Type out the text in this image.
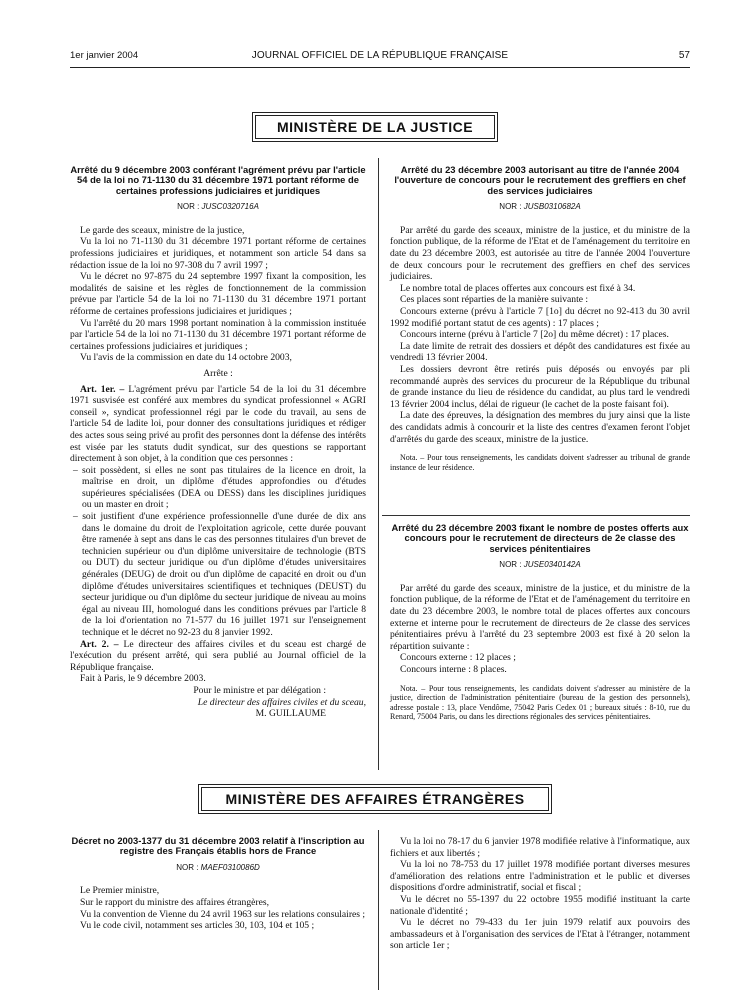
1er janvier 2004	JOURNAL OFFICIEL DE LA RÉPUBLIQUE FRANÇAISE	57
MINISTÈRE DE LA JUSTICE
Arrêté du 9 décembre 2003 conférant l'agrément prévu par l'article 54 de la loi no 71-1130 du 31 décembre 1971 portant réforme de certaines professions judiciaires et juridiques
NOR : JUSC0320716A

Le garde des sceaux, ministre de la justice,

Vu la loi no 71-1130 du 31 décembre 1971 portant réforme de certaines professions judiciaires et juridiques, et notamment son article 54 dans sa rédaction issue de la loi no 97-308 du 7 avril 1997 ;

Vu le décret no 97-875 du 24 septembre 1997 fixant la composition, les modalités de saisine et les règles de fonctionnement de la commission prévue par l'article 54 de la loi no 71-1130 du 31 décembre 1971 portant réforme de certaines professions judiciaires et juridiques ;

Vu l'arrêté du 20 mars 1998 portant nomination à la commission instituée par l'article 54 de la loi no 71-1130 du 31 décembre 1971 portant réforme de certaines professions judiciaires et juridiques ;

Vu l'avis de la commission en date du 14 octobre 2003,

Arrête :

Art. 1er. – L'agrément prévu par l'article 54 de la loi du 31 décembre 1971 susvisée est conféré aux membres du syndicat professionnel « AGRI conseil », syndicat professionnel régi par le code du travail, au sens de l'article 54 de ladite loi, pour donner des consultations juridiques et rédiger des actes sous seing privé au profit des personnes dont la défense des intérêts est visée par les statuts dudit syndicat, sur des questions se rapportant directement à son objet, à la condition que ces personnes :

– soit possèdent, si elles ne sont pas titulaires de la licence en droit, la maîtrise en droit, un diplôme d'études approfondies ou d'études supérieures spécialisées (DEA ou DESS) dans les disciplines juridiques ou un master en droit ;

– soit justifient d'une expérience professionnelle d'une durée de dix ans dans le domaine du droit de l'exploitation agricole, cette durée pouvant être ramenée à sept ans dans le cas des personnes titulaires d'un brevet de technicien supérieur ou d'un diplôme universitaire de technologie (BTS ou DUT) du secteur juridique ou d'un diplôme d'études universitaires générales (DEUG) de droit ou d'un diplôme de capacité en droit ou d'un diplôme d'études universitaires scientifiques et techniques (DEUST) du secteur juridique ou d'un diplôme du secteur juridique de niveau au moins égal au niveau III, homologué dans les conditions prévues par l'article 8 de la loi d'orientation no 71-577 du 16 juillet 1971 sur l'enseignement technique et le décret no 92-23 du 8 janvier 1992.

Art. 2. – Le directeur des affaires civiles et du sceau est chargé de l'exécution du présent arrêté, qui sera publié au Journal officiel de la République française.

Fait à Paris, le 9 décembre 2003.

Pour le ministre et par délégation :

Le directeur des affaires civiles et du sceau,

M. GUILLAUME

Arrêté du 23 décembre 2003 autorisant au titre de l'année 2004 l'ouverture de concours pour le recrutement des greffiers en chef des services judiciaires
NOR : JUSB0310682A

Par arrêté du garde des sceaux, ministre de la justice, et du ministre de la fonction publique, de la réforme de l'Etat et de l'aménagement du territoire en date du 23 décembre 2003, est autorisée au titre de l'année 2004 l'ouverture de deux concours pour le recrutement des greffiers en chef des services judiciaires.

Le nombre total de places offertes aux concours est fixé à 34.

Ces places sont réparties de la manière suivante :

Concours externe (prévu à l'article 7 [1o] du décret no 92-413 du 30 avril 1992 modifié portant statut de ces agents) : 17 places ;

Concours interne (prévu à l'article 7 [2o] du même décret) : 17 places.

La date limite de retrait des dossiers et dépôt des candidatures est fixée au vendredi 13 février 2004.

Les dossiers devront être retirés puis déposés ou envoyés par pli recommandé auprès des services du procureur de la République du tribunal de grande instance du lieu de résidence du candidat, au plus tard le vendredi 13 février 2004 inclus, délai de rigueur (le cachet de la poste faisant foi).

La date des épreuves, la désignation des membres du jury ainsi que la liste des candidats admis à concourir et la liste des centres d'examen feront l'objet d'arrêtés du garde des sceaux, ministre de la justice.

Nota. – Pour tous renseignements, les candidats doivent s'adresser au tribunal de grande instance de leur résidence.

Arrêté du 23 décembre 2003 fixant le nombre de postes offerts aux concours pour le recrutement de directeurs de 2e classe des services pénitentiaires
NOR : JUSE0340142A

Par arrêté du garde des sceaux, ministre de la justice, et du ministre de la fonction publique, de la réforme de l'Etat et de l'aménagement du territoire en date du 23 décembre 2003, le nombre total de places offertes aux concours externe et interne pour le recrutement de directeurs de 2e classe des services pénitentiaires prévu à l'arrêté du 23 septembre 2003 est fixé à 20 selon la répartition suivante :

Concours externe : 12 places ;

Concours interne : 8 places.

Nota. – Pour tous renseignements, les candidats doivent s'adresser au ministère de la justice, direction de l'administration pénitentiaire (bureau de la gestion des personnels), adresse postale : 13, place Vendôme, 75042 Paris Cedex 01 ; bureaux situés : 8-10, rue du Renard, 75004 Paris, ou dans les directions régionales des services pénitentiaires.

MINISTÈRE DES AFFAIRES ÉTRANGÈRES
Décret no 2003-1377 du 31 décembre 2003 relatif à l'inscription au registre des Français établis hors de France
NOR : MAEF0310086D

Le Premier ministre,

Sur le rapport du ministre des affaires étrangères,

Vu la convention de Vienne du 24 avril 1963 sur les relations consulaires ;

Vu le code civil, notamment ses articles 30, 103, 104 et 105 ;

Vu la loi no 78-17 du 6 janvier 1978 modifiée relative à l'informatique, aux fichiers et aux libertés ;

Vu la loi no 78-753 du 17 juillet 1978 modifiée portant diverses mesures d'amélioration des relations entre l'administration et le public et diverses dispositions d'ordre administratif, social et fiscal ;

Vu le décret no 55-1397 du 22 octobre 1955 modifié instituant la carte nationale d'identité ;

Vu le décret no 79-433 du 1er juin 1979 relatif aux pouvoirs des ambassadeurs et à l'organisation des services de l'Etat à l'étranger, notamment son article 1er ;
